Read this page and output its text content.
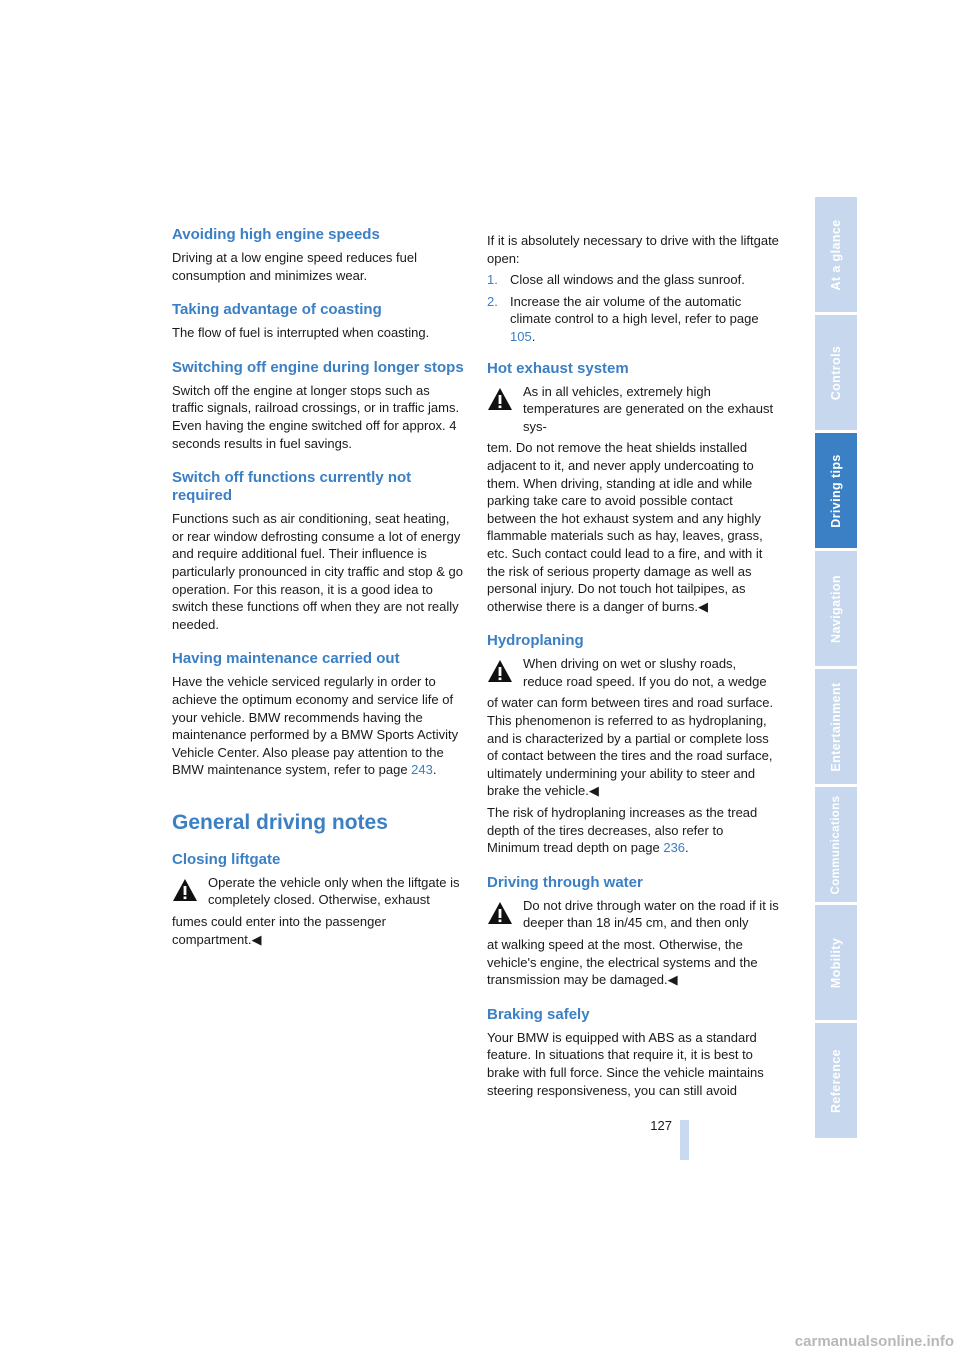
Avoiding high engine speeds

Driving at a low engine speed reduces fuel consumption and minimizes wear.

Taking advantage of coasting

The flow of fuel is interrupted when coasting.

Switching off engine during longer stops

Switch off the engine at longer stops such as traffic signals, railroad crossings, or in traffic jams. Even having the engine switched off for approx. 4 seconds results in fuel savings.

Switch off functions currently not required

Functions such as air conditioning, seat heating, or rear window defrosting consume a lot of energy and require additional fuel. Their influence is particularly pronounced in city traffic and stop & go operation. For this reason, it is a good idea to switch these functions off when they are not really needed.

Having maintenance carried out

Have the vehicle serviced regularly in order to achieve the optimum economy and service life of your vehicle. BMW recommends having the maintenance performed by a BMW Sports Activity Vehicle Center. Also please pay attention to the BMW maintenance system, refer to page 243.

General driving notes
Closing liftgate

Operate the vehicle only when the liftgate is completely closed. Otherwise, exhaust

fumes could enter into the passenger compartment.◀

If it is absolutely necessary to drive with the liftgate open:

1. Close all windows and the glass sunroof.
2. Increase the air volume of the automatic climate control to a high level, refer to page 105.
Hot exhaust system

As in all vehicles, extremely high temperatures are generated on the exhaust sys-

tem. Do not remove the heat shields installed adjacent to it, and never apply undercoating to them. When driving, standing at idle and while parking take care to avoid possible contact between the hot exhaust system and any highly flammable materials such as hay, leaves, grass, etc. Such contact could lead to a fire, and with it the risk of serious property damage as well as personal injury. Do not touch hot tailpipes, as otherwise there is a danger of burns.◀

Hydroplaning

When driving on wet or slushy roads, reduce road speed. If you do not, a wedge

of water can form between tires and road surface. This phenomenon is referred to as hydroplaning, and is characterized by a partial or complete loss of contact between the tires and the road surface, ultimately undermining your ability to steer and brake the vehicle.◀

The risk of hydroplaning increases as the tread depth of the tires decreases, also refer to Minimum tread depth on page 236.

Driving through water

Do not drive through water on the road if it is deeper than 18 in/45 cm, and then only

at walking speed at the most. Otherwise, the vehicle's engine, the electrical systems and the transmission may be damaged.◀

Braking safely

Your BMW is equipped with ABS as a standard feature. In situations that require it, it is best to brake with full force. Since the vehicle maintains steering responsiveness, you can still avoid

127
At a glance
Controls
Driving tips
Navigation
Entertainment
Communications
Mobility
Reference
carmanualsonline.info
